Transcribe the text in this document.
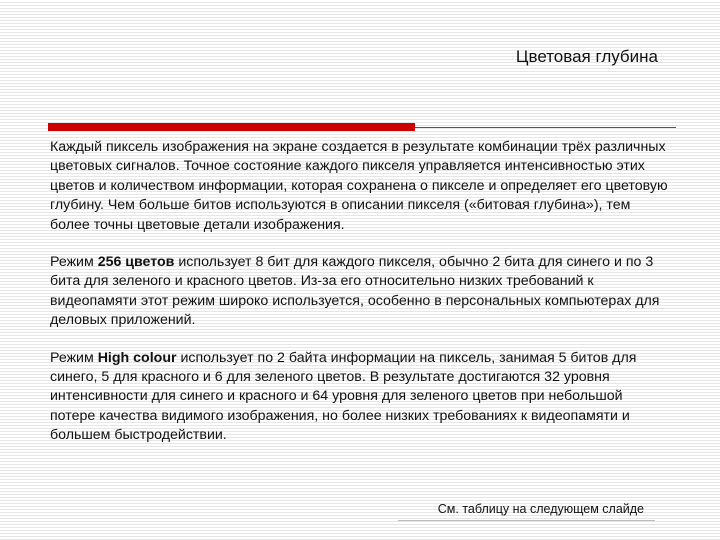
Цветовая глубина

Каждый пиксель изображения на экране создается в результате комбинации трёх различных цветовых сигналов. Точное состояние каждого пикселя управляется интенсивностью этих цветов и количеством информации, которая сохранена о пикселе и определяет его цветовую глубину. Чем больше битов используются в описании пикселя («битовая глубина»), тем более точны цветовые детали изображения.

Режим 256 цветов использует 8 бит для каждого пикселя, обычно 2 бита для синего и по 3 бита для зеленого и красного цветов. Из-за его относительно низких требований к видеопамяти этот режим широко используется, особенно в персональных компьютерах для деловых приложений.

Режим High colour использует по 2 байта информации на пиксель, занимая 5 битов для синего, 5 для красного и 6 для зеленого цветов. В результате достигаются 32 уровня интенсивности для синего и красного и 64 уровня для зеленого цветов при небольшой потере качества видимого изображения, но более низких требованиях к видеопамяти и большем быстродействии.

См. таблицу на следующем слайде
